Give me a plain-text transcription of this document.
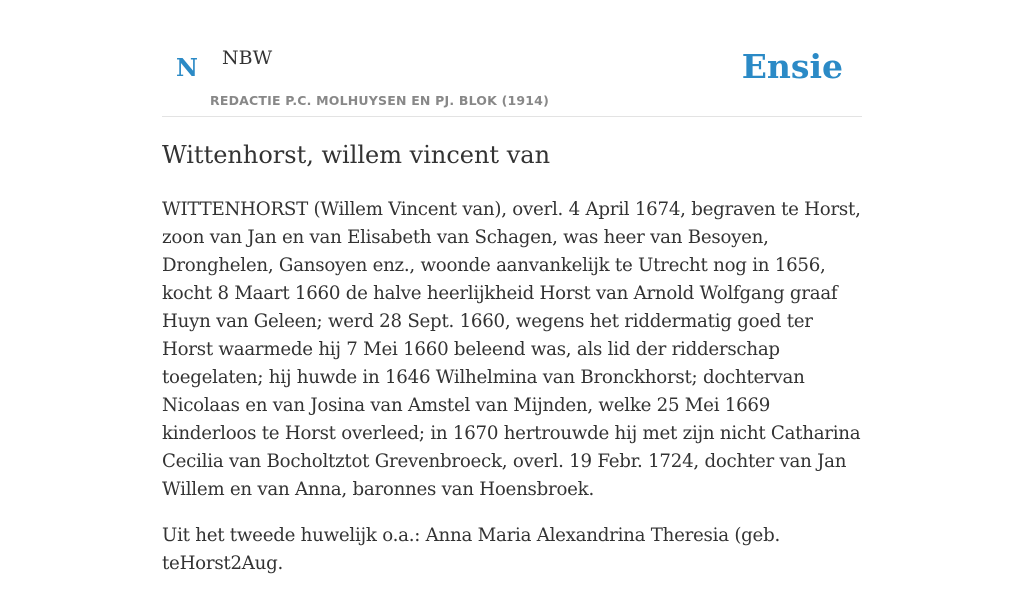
N NBW
REDACTIE P.C. MOLHUYSEN EN PJ. BLOK (1914)
Ensie
Wittenhorst, willem vincent van

WITTENHORST (Willem Vincent van), overl. 4 April 1674, begraven te Horst, zoon van Jan en van Elisabeth van Schagen, was heer van Besoyen, Dronghelen, Gansoyen enz., woonde aanvankelijk te Utrecht nog in 1656, kocht 8 Maart 1660 de halve heerlijkheid Horst van Arnold Wolfgang graaf Huyn van Geleen; werd 28 Sept. 1660, wegens het riddermatig goed ter Horst waarmede hij 7 Mei 1660 beleend was, als lid der ridderschap toegelaten; hij huwde in 1646 Wilhelmina van Bronckhorst; dochtervan Nicolaas en van Josina van Amstel van Mijnden, welke 25 Mei 1669 kinderloos te Horst overleed; in 1670 hertrouwde hij met zijn nicht Catharina Cecilia van Bocholtztot Grevenbroeck, overl. 19 Febr. 1724, dochter van Jan Willem en van Anna, baronnes van Hoensbroek.

Uit het tweede huwelijk o.a.: Anna Maria Alexandrina Theresia (geb. teHorst2Aug.
